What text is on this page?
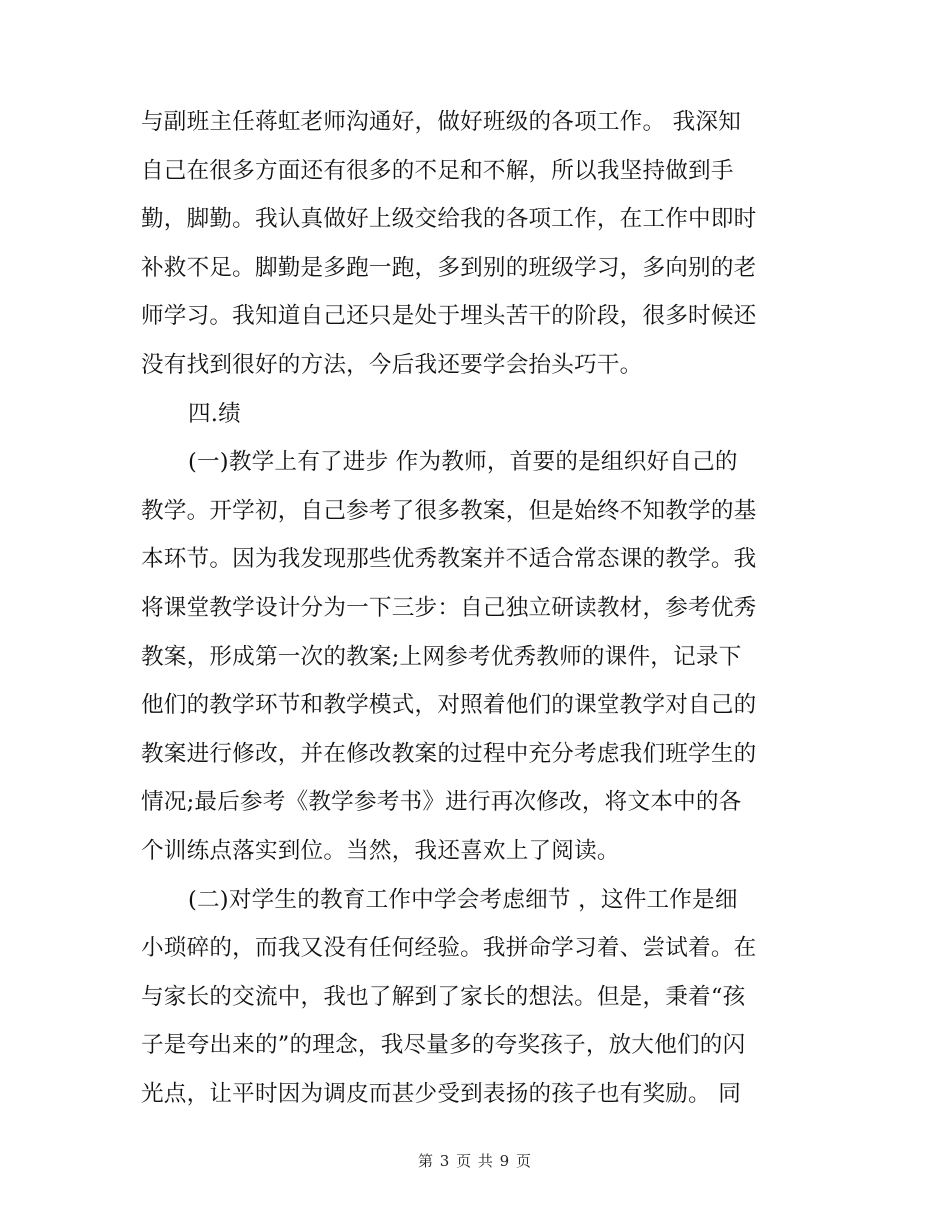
与副班主任蒋虹老师沟通好，做好班级的各项工作。 我深知
自己在很多方面还有很多的不足和不解，所以我坚持做到手
勤，脚勤。我认真做好上级交给我的各项工作，在工作中即时
补救不足。脚勤是多跑一跑，多到别的班级学习，多向别的老
师学习。我知道自己还只是处于埋头苦干的阶段，很多时候还
没有找到很好的方法，今后我还要学会抬头巧干。
四.绩
(一)教学上有了进步 作为教师，首要的是组织好自己的
教学。开学初，自己参考了很多教案，但是始终不知教学的基
本环节。因为我发现那些优秀教案并不适合常态课的教学。我
将课堂教学设计分为一下三步：自己独立研读教材，参考优秀
教案，形成第一次的教案;上网参考优秀教师的课件，记录下
他们的教学环节和教学模式，对照着他们的课堂教学对自己的
教案进行修改，并在修改教案的过程中充分考虑我们班学生的
情况;最后参考《教学参考书》进行再次修改，将文本中的各
个训练点落实到位。当然，我还喜欢上了阅读。
(二)对学生的教育工作中学会考虑细节 ，这件工作是细
小琐碎的，而我又没有任何经验。我拼命学习着、尝试着。在
与家长的交流中，我也了解到了家长的想法。但是，秉着“孩
子是夸出来的”的理念，我尽量多的夸奖孩子，放大他们的闪
光点，让平时因为调皮而甚少受到表扬的孩子也有奖励。 同
第 3 页 共 9 页
